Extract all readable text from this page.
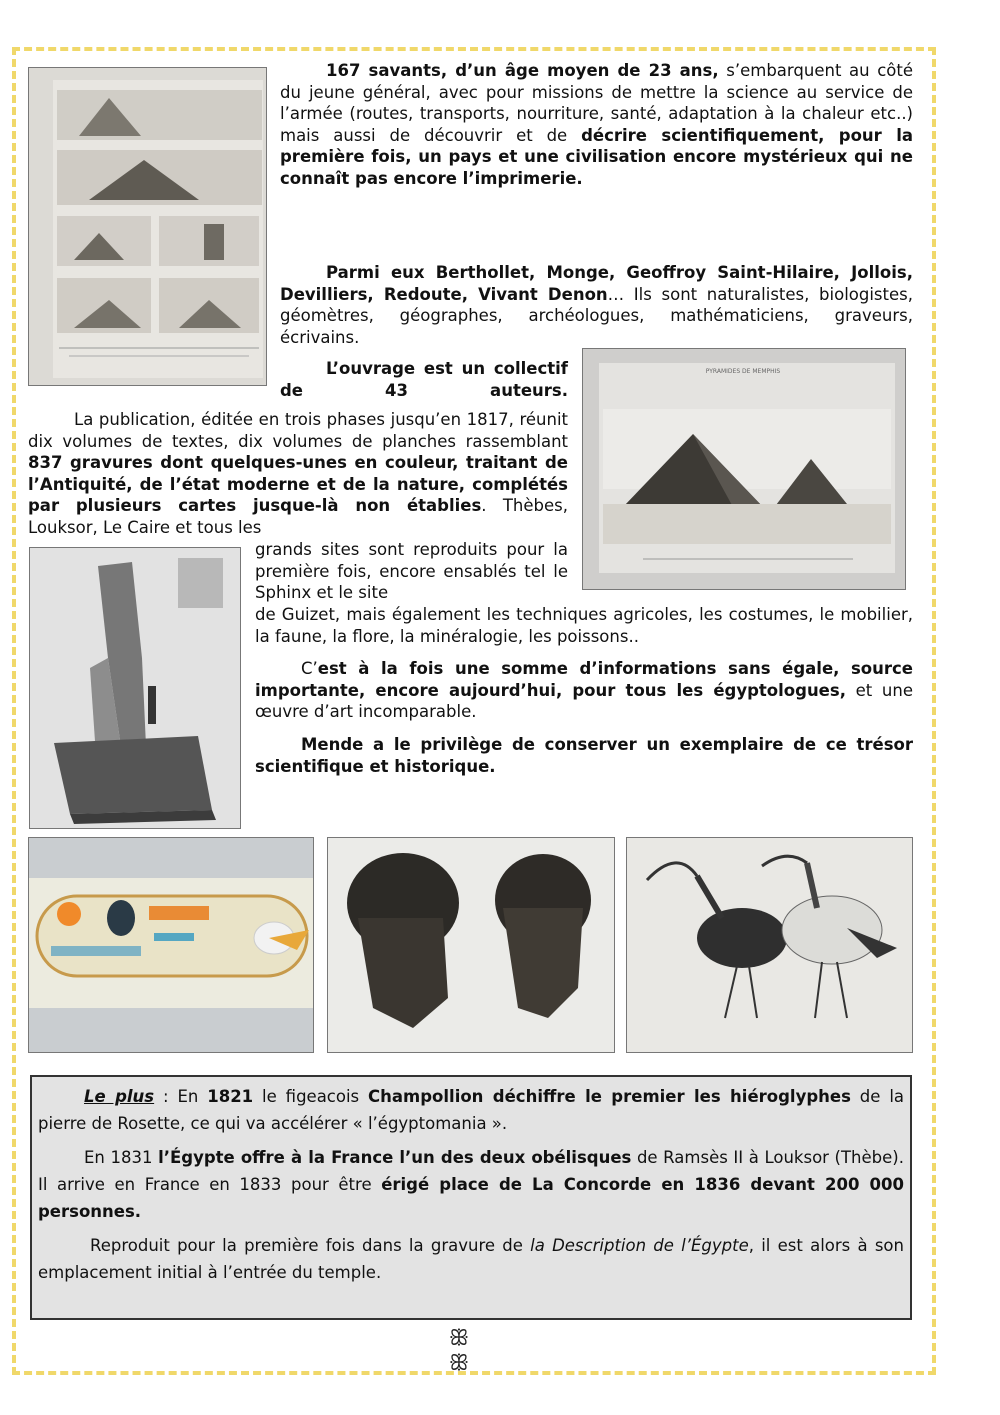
PYRAMIDES DE MEMPHIS
167 savants, d’un âge moyen de 23 ans, s’embarquent au côté du jeune général, avec pour missions de mettre la science au service de l’armée (routes, transports, nourriture, santé, adaptation à la chaleur etc..) mais aussi de découvrir et de décrire scientifiquement, pour la première fois, un pays et une civilisation encore mystérieux qui ne connaît pas encore l’imprimerie.
Parmi eux Berthollet, Monge, Geoffroy Saint-Hilaire, Jollois, Devilliers, Redoute, Vivant Denon… Ils sont naturalistes, biologistes, géomètres, géographes, archéologues, mathématiciens, graveurs, écrivains.
L’ouvrage est un collectif de 43 auteurs.
La publication, éditée en trois phases jusqu’en 1817, réunit dix volumes de textes, dix volumes de planches rassemblant 837 gravures dont quelques-unes en couleur, traitant de l’Antiquité, de l’état moderne et de la nature, complétés par plusieurs cartes jusque-là non établies. Thèbes, Louksor, Le Caire et tous les
grands sites sont reproduits pour la première fois, encore ensablés tel le Sphinx et le site
de Guizet, mais également les techniques agricoles, les costumes, le mobilier, la faune, la flore, la minéralogie, les poissons..
C’est à la fois une somme d’informations sans égale, source importante, encore aujourd’hui, pour tous les égyptologues, et une œuvre d’art incomparable.
Mende a le privilège de conserver un exemplaire de ce trésor scientifique et historique.

Le plus : En 1821 le figeacois Champollion déchiffre le premier les hiéroglyphes de la pierre de Rosette, ce qui va accélérer « l’égyptomania ».

En 1831 l’Égypte offre à la France l’un des deux obélisques de Ramsès II à Louksor (Thèbe). Il arrive en France en 1833 pour être érigé place de La Concorde en 1836 devant 200 000 personnes.

Reproduit pour la première fois dans la gravure de la Description de l’Égypte, il est alors à son emplacement initial à l’entrée du temple.

ꕥ ꕥ
